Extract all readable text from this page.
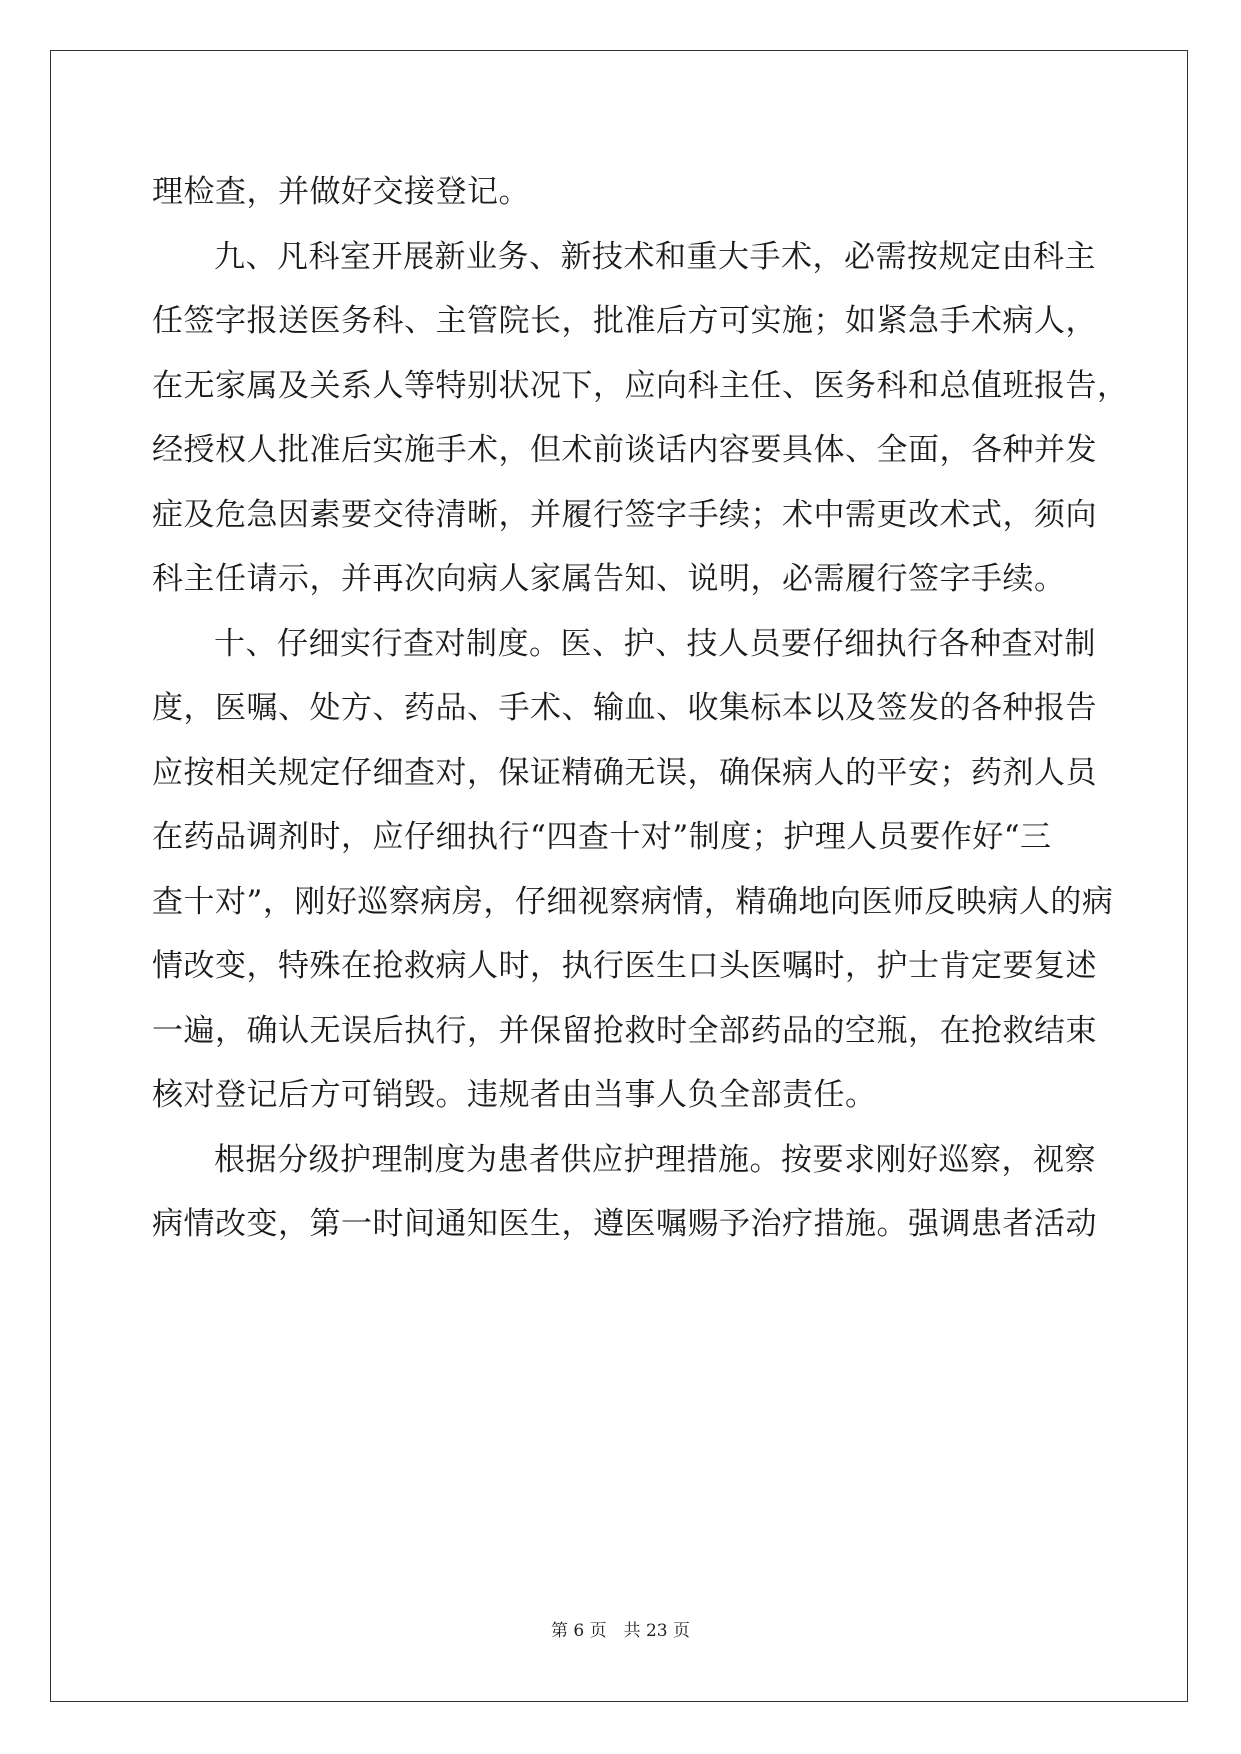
理检查，并做好交接登记。

九、凡科室开展新业务、新技术和重大手术，必需按规定由科主
任签字报送医务科、主管院长，批准后方可实施；如紧急手术病人，
在无家属及关系人等特别状况下，应向科主任、医务科和总值班报告，
经授权人批准后实施手术，但术前谈话内容要具体、全面，各种并发
症及危急因素要交待清晰，并履行签字手续；术中需更改术式，须向
科主任请示，并再次向病人家属告知、说明，必需履行签字手续。

十、仔细实行查对制度。医、护、技人员要仔细执行各种查对制
度，医嘱、处方、药品、手术、输血、收集标本以及签发的各种报告
应按相关规定仔细查对，保证精确无误，确保病人的平安；药剂人员
在药品调剂时，应仔细执行“四查十对”制度；护理人员要作好“三
查十对”，刚好巡察病房，仔细视察病情，精确地向医师反映病人的病
情改变，特殊在抢救病人时，执行医生口头医嘱时，护士肯定要复述
一遍，确认无误后执行，并保留抢救时全部药品的空瓶，在抢救结束
核对登记后方可销毁。违规者由当事人负全部责任。

根据分级护理制度为患者供应护理措施。按要求刚好巡察，视察
病情改变，第一时间通知医生，遵医嘱赐予治疗措施。强调患者活动

第 6 页　共 23 页
